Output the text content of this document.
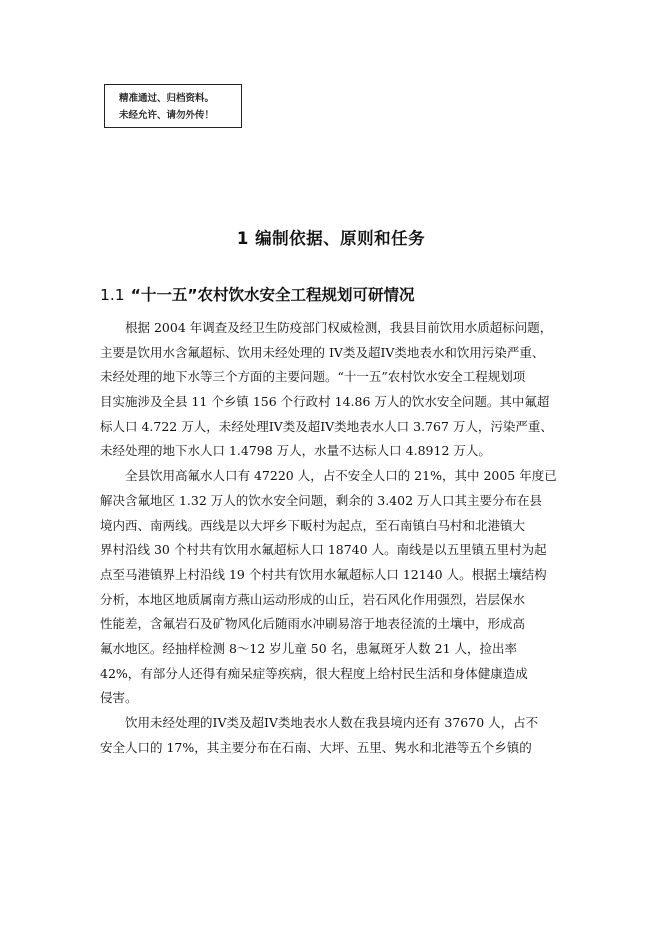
精准通过、归档资料。
未经允许、请勿外传！
1 编制依据、原则和任务
1.1 “十一五”农村饮水安全工程规划可研情况
　　根据 2004 年调查及经卫生防疫部门权威检测，我县目前饮用水质超标问题，
主要是饮用水含氟超标、饮用未经处理的 IV类及超IV类地表水和饮用污染严重、
未经处理的地下水等三个方面的主要问题。“十一五”农村饮水安全工程规划项
目实施涉及全县 11 个乡镇 156 个行政村 14.86 万人的饮水安全问题。其中氟超
标人口 4.722 万人，未经处理IV类及超IV类地表水人口 3.767 万人，污染严重、
未经处理的地下水人口 1.4798 万人，水量不达标人口 4.8912 万人。
　　全县饮用高氟水人口有 47220 人，占不安全人口的 21%，其中 2005 年度已
解决含氟地区 1.32 万人的饮水安全问题，剩余的 3.402 万人口其主要分布在县
境内西、南两线。西线是以大坪乡下畈村为起点，至石南镇白马村和北港镇大
界村沿线 30 个村共有饮用水氟超标人口 18740 人。南线是以五里镇五里村为起
点至马港镇界上村沿线 19 个村共有饮用水氟超标人口 12140 人。根据土壤结构
分析，本地区地质属南方燕山运动形成的山丘，岩石风化作用强烈，岩层保水
性能差，含氟岩石及矿物风化后随雨水冲刷易溶于地表径流的土壤中，形成高
氟水地区。经抽样检测 8～12 岁儿童 50 名，患氟斑牙人数 21 人，捡出率
42%，有部分人还得有痴呆症等疾病，很大程度上给村民生活和身体健康造成
侵害。
　　饮用未经处理的IV类及超IV类地表水人数在我县境内还有 37670 人，占不
安全人口的 17%，其主要分布在石南、大坪、五里、隽水和北港等五个乡镇的
